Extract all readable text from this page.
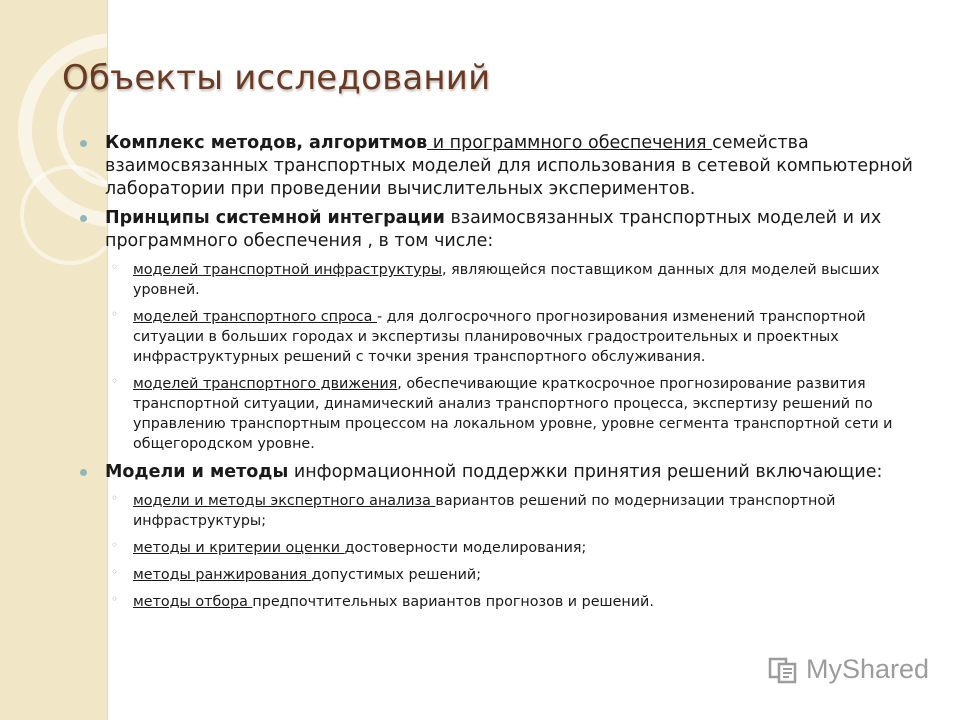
Объекты исследований
Комплекс методов, алгоритмов и программного обеспечения семейства взаимосвязанных транспортных моделей для использования в сетевой компьютерной лаборатории при проведении вычислительных экспериментов.
Принципы системной интеграции взаимосвязанных транспортных моделей и их программного обеспечения , в том числе:
◦ моделей транспортной инфраструктуры, являющейся поставщиком данных для моделей высших уровней.
◦ моделей транспортного спроса - для долгосрочного прогнозирования изменений транспортной ситуации в больших городах и экспертизы планировочных градостроительных и проектных инфраструктурных решений с точки зрения транспортного обслуживания.
◦ моделей транспортного движения, обеспечивающие краткосрочное прогнозирование развития транспортной ситуации, динамический анализ транспортного процесса, экспертизу решений по управлению транспортным процессом на локальном уровне, уровне сегмента транспортной сети и общегородском уровне.
Модели и методы информационной поддержки принятия решений включающие:
◦ модели и методы экспертного анализа вариантов решений по модернизации транспортной инфраструктуры;
◦ методы и критерии оценки достоверности моделирования;
◦ методы ранжирования допустимых решений;
◦ методы отбора предпочтительных вариантов прогнозов и решений.
MyShared
